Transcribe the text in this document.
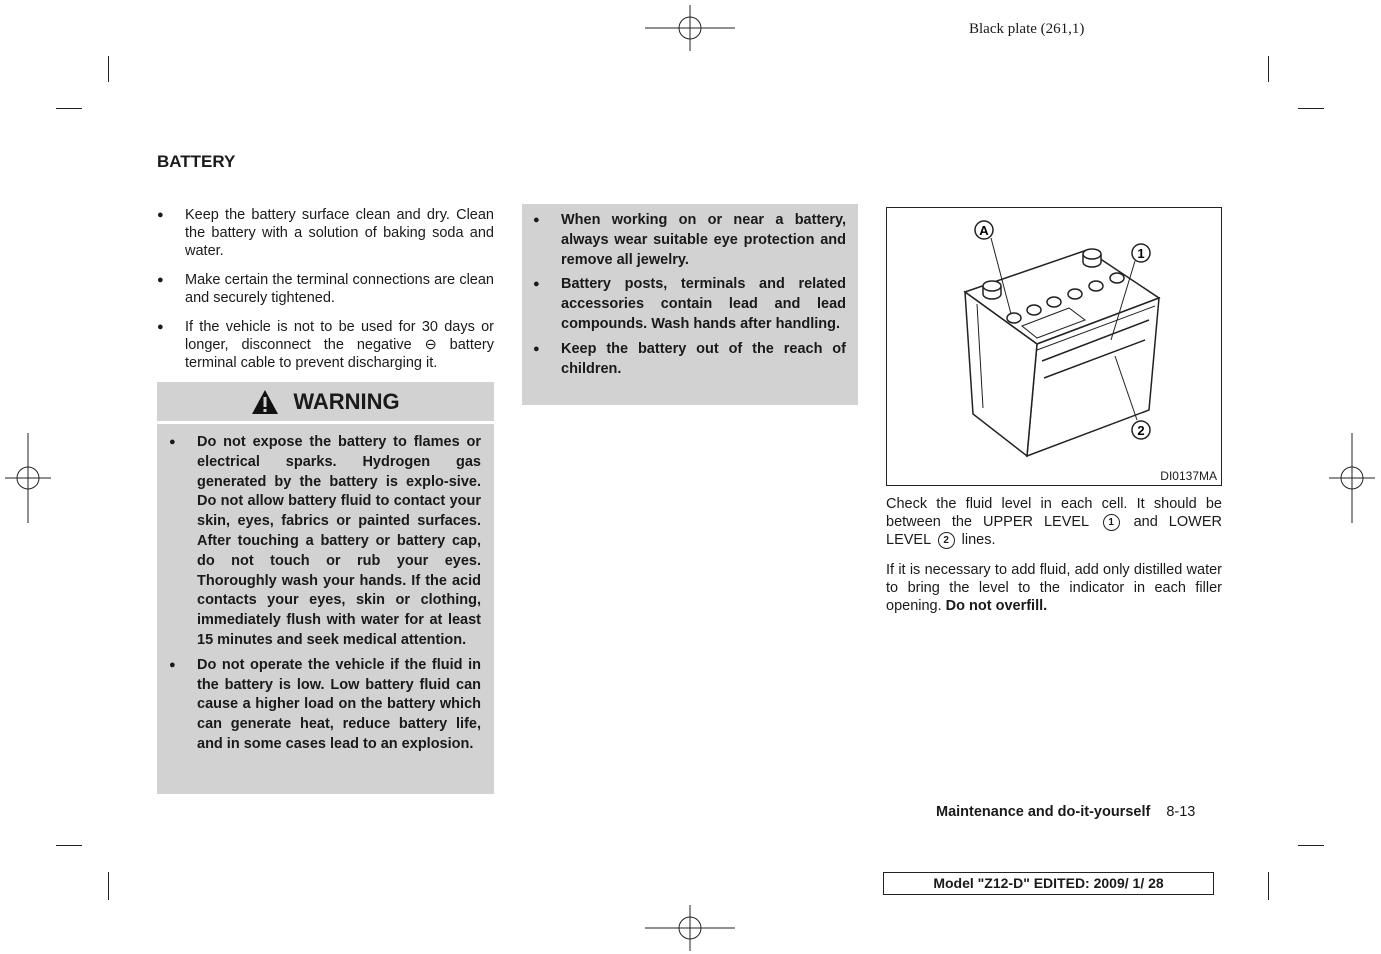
Black plate (261,1)
BATTERY
● Keep the battery surface clean and dry. Clean the battery with a solution of baking soda and water.
● Make certain the terminal connections are clean and securely tightened.
● If the vehicle is not to be used for 30 days or longer, disconnect the negative ⊖ battery terminal cable to prevent discharging it.
WARNING
● Do not expose the battery to flames or electrical sparks. Hydrogen gas generated by the battery is explo-sive. Do not allow battery fluid to contact your skin, eyes, fabrics or painted surfaces. After touching a battery or battery cap, do not touch or rub your eyes. Thoroughly wash your hands. If the acid contacts your eyes, skin or clothing, immediately flush with water for at least 15 minutes and seek medical attention.
● Do not operate the vehicle if the fluid in the battery is low. Low battery fluid can cause a higher load on the battery which can generate heat, reduce battery life, and in some cases lead to an explosion.
● When working on or near a battery, always wear suitable eye protection and remove all jewelry.
● Battery posts, terminals and related accessories contain lead and lead compounds. Wash hands after handling.
● Keep the battery out of the reach of children.
A
1
2
DI0137MA
Check the fluid level in each cell. It should be between the UPPER LEVEL 1 and LOWER LEVEL 2 lines.
If it is necessary to add fluid, add only distilled water to bring the level to the indicator in each filler opening. Do not overfill.
Maintenance and do-it-yourself 8-13
Model "Z12-D" EDITED: 2009/ 1/ 28
